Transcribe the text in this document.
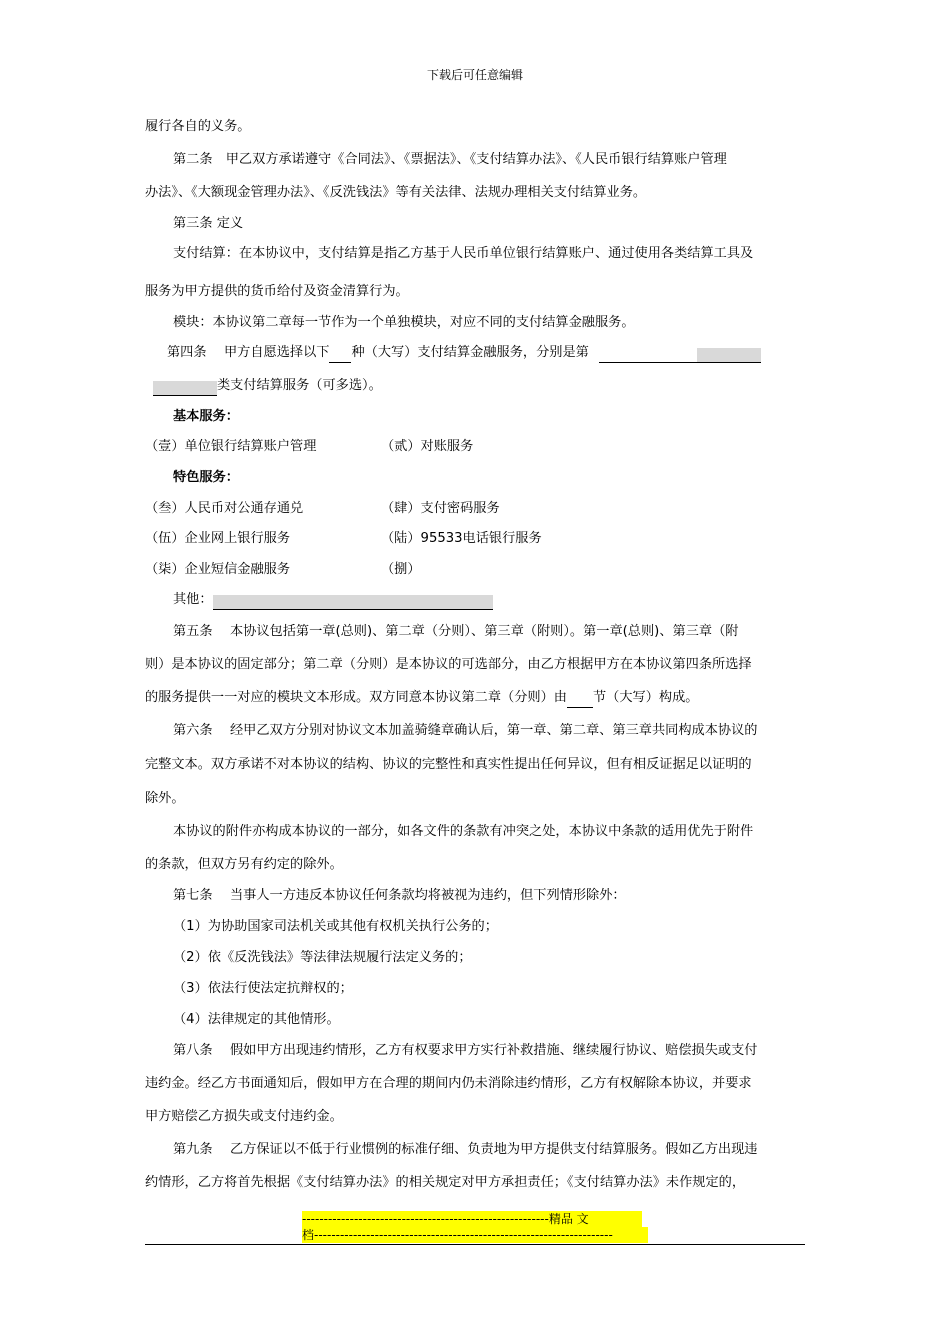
下载后可任意编辑
履行各自的义务。
第二条　甲乙双方承诺遵守《合同法》、《票据法》、《支付结算办法》、《人民币银行结算账户管理
办法》、《大额现金管理办法》、《反洗钱法》等有关法律、法规办理相关支付结算业务。
第三条 定义
支付结算：在本协议中，支付结算是指乙方基于人民币单位银行结算账户、通过使用各类结算工具及
服务为甲方提供的货币给付及资金清算行为。
模块：本协议第二章每一节作为一个单独模块，对应不同的支付结算金融服务。
第四条　 甲方自愿选择以下 种（大写）支付结算金融服务，分别是第
类支付结算服务（可多选）。
基本服务：
（壹）单位银行结算账户管理	（贰）对账服务
特色服务：
（叁）人民币对公通存通兑	（肆）支付密码服务
（伍）企业网上银行服务	（陆）95533电话银行服务
（柒）企业短信金融服务	（捌）
其他：
第五条　 本协议包括第一章(总则)、第二章（分则）、第三章（附则）。第一章(总则)、第三章（附
则）是本协议的固定部分；第二章（分则）是本协议的可选部分，由乙方根据甲方在本协议第四条所选择
的服务提供一一对应的模块文本形成。双方同意本协议第二章（分则）由 节（大写）构成。
第六条　 经甲乙双方分别对协议文本加盖骑缝章确认后，第一章、第二章、第三章共同构成本协议的
完整文本。双方承诺不对本协议的结构、协议的完整性和真实性提出任何异议，但有相反证据足以证明的
除外。
本协议的附件亦构成本协议的一部分，如各文件的条款有冲突之处，本协议中条款的适用优先于附件
的条款，但双方另有约定的除外。
第七条　 当事人一方违反本协议任何条款均将被视为违约，但下列情形除外：
（1）为协助国家司法机关或其他有权机关执行公务的；
（2）依《反洗钱法》等法律法规履行法定义务的；
（3）依法行使法定抗辩权的；
（4）法律规定的其他情形。
第八条　 假如甲方出现违约情形，乙方有权要求甲方实行补救措施、继续履行协议、赔偿损失或支付
违约金。经乙方书面通知后，假如甲方在合理的期间内仍未消除违约情形，乙方有权解除本协议，并要求
甲方赔偿乙方损失或支付违约金。
第九条　 乙方保证以不低于行业惯例的标准仔细、负责地为甲方提供支付结算服务。假如乙方出现违
约情形，乙方将首先根据《支付结算办法》的相关规定对甲方承担责任；《支付结算办法》未作规定的，
---------------------------------------------------------精品 文
档---------------------------------------------------------------------
